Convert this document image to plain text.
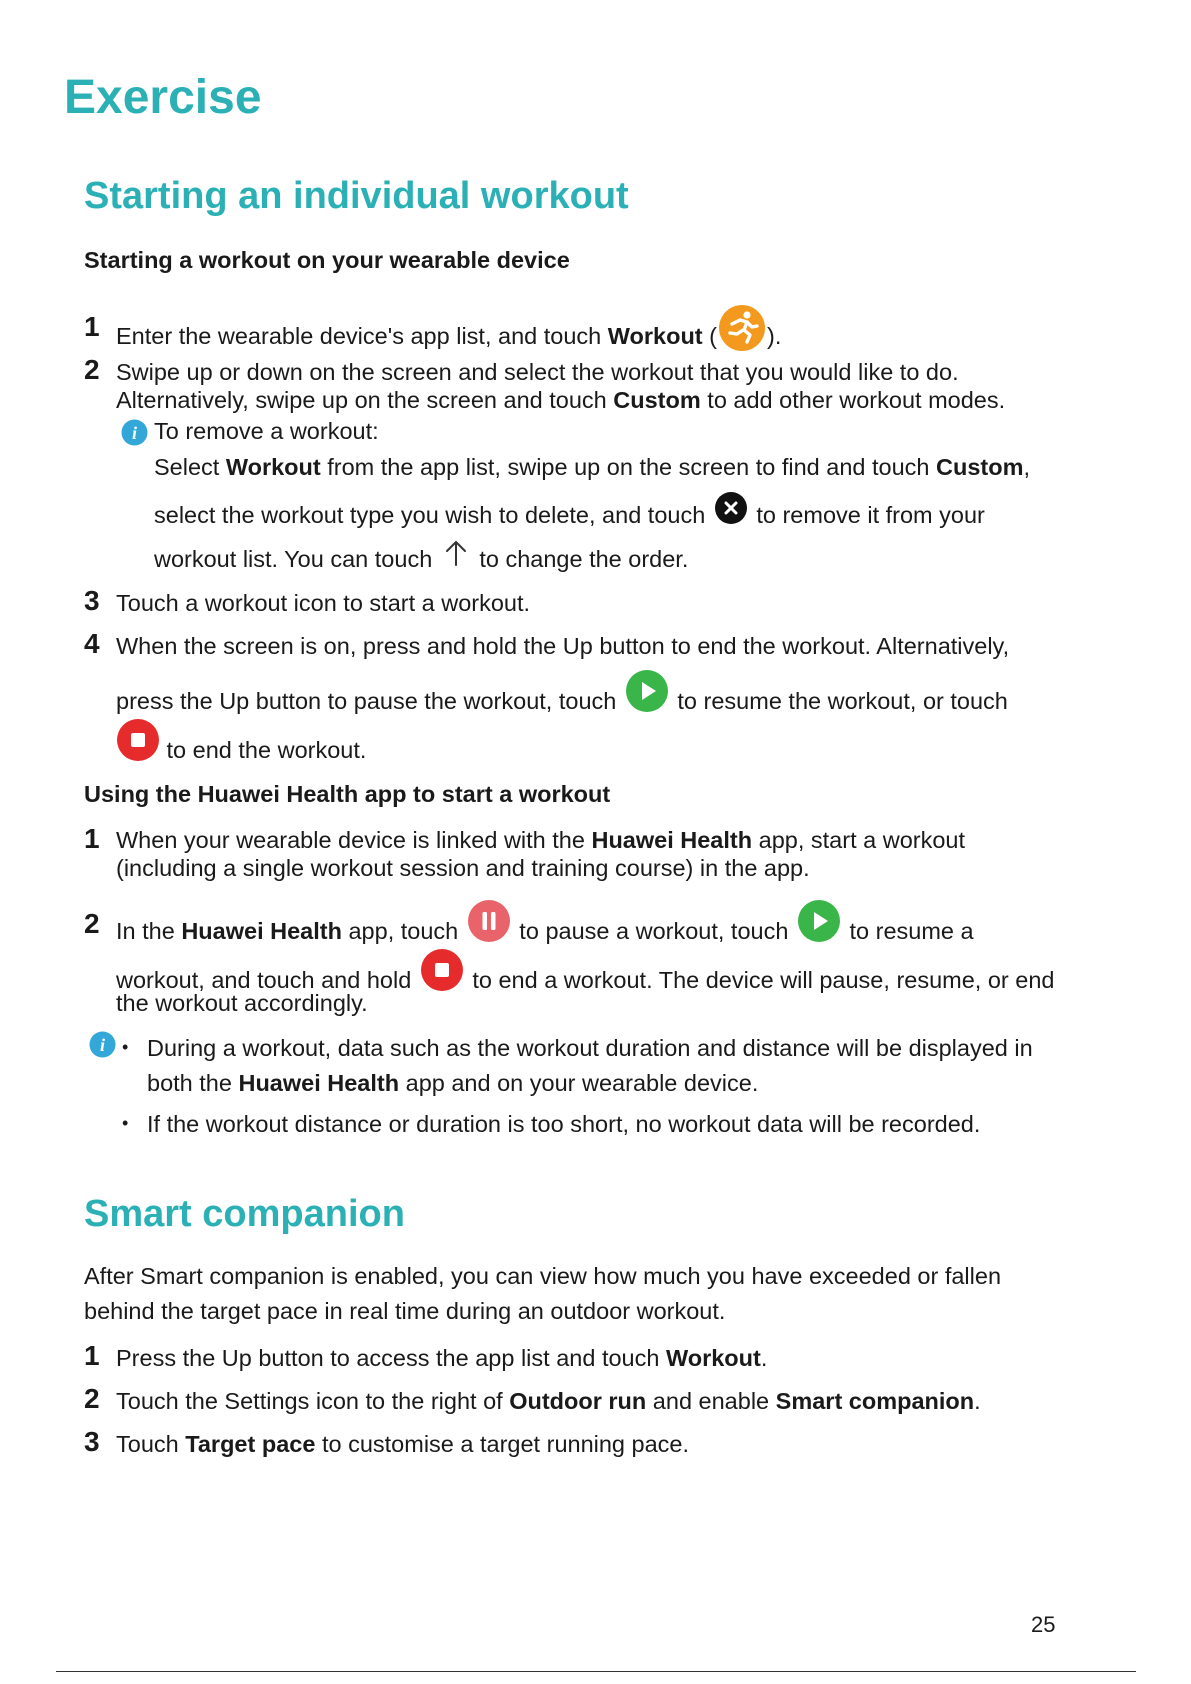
Exercise
Starting an individual workout
Starting a workout on your wearable device
1 Enter the wearable device's app list, and touch Workout ( ).
2 Swipe up or down on the screen and select the workout that you would like to do.
Alternatively, swipe up on the screen and touch Custom to add other workout modes.
i To remove a workout:
Select Workout from the app list, swipe up on the screen to find and touch Custom,
select the workout type you wish to delete, and touch
to remove it from your
workout list. You can touch
to change the order.
3 Touch a workout icon to start a workout.
4 When the screen is on, press and hold the Up button to end the workout. Alternatively,
press the Up button to pause the workout, touch
to resume the workout, or touch
to end the workout.
Using the Huawei Health app to start a workout
1 When your wearable device is linked with the Huawei Health app, start a workout
(including a single workout session and training course) in the app.
2 In the Huawei Health app, touch
to pause a workout, touch
to resume a
workout, and touch and hold
to end a workout. The device will pause, resume, or end
the workout accordingly.
i • During a workout, data such as the workout duration and distance will be displayed in
both the Huawei Health app and on your wearable device.
• If the workout distance or duration is too short, no workout data will be recorded.
Smart companion
After Smart companion is enabled, you can view how much you have exceeded or fallen
behind the target pace in real time during an outdoor workout.
1 Press the Up button to access the app list and touch Workout.
2 Touch the Settings icon to the right of Outdoor run and enable Smart companion.
3 Touch Target pace to customise a target running pace.
25
